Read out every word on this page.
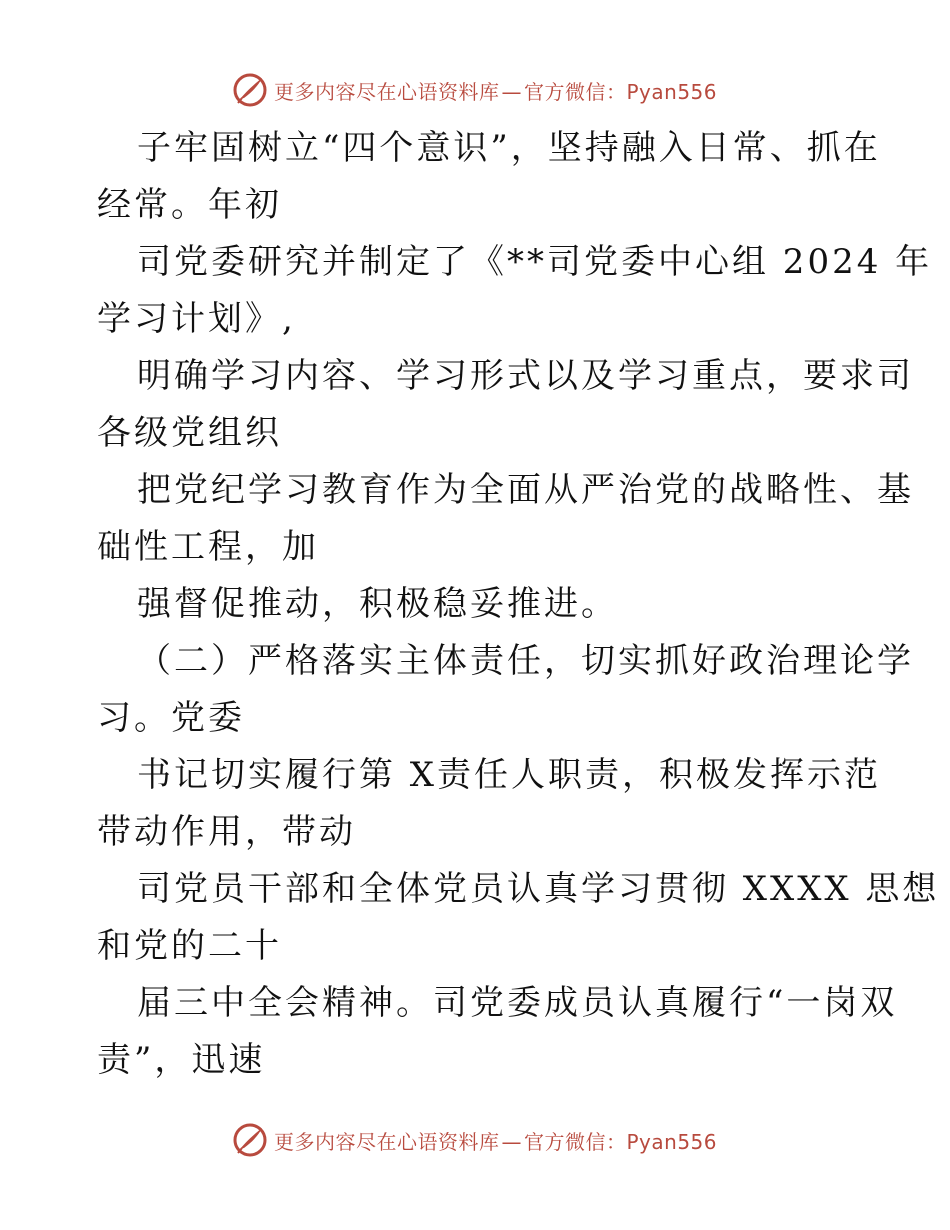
更多内容尽在心语资料库 — 官方微信：Pyan556
子牢固树立“四个意识”，坚持融入日常、抓在
经常。年初
司党委研究并制定了《**司党委中心组 2024 年
学习计划》,
明确学习内容、学习形式以及学习重点，要求司
各级党组织
把党纪学习教育作为全面从严治党的战略性、基
础性工程，加
强督促推动，积极稳妥推进。
（二）严格落实主体责任，切实抓好政治理论学
习。党委
书记切实履行第 X责任人职责，积极发挥示范
带动作用，带动
司党员干部和全体党员认真学习贯彻 XXXX 思想
和党的二十
届三中全会精神。司党委成员认真履行“一岗双
责”，迅速
更多内容尽在心语资料库 — 官方微信：Pyan556
